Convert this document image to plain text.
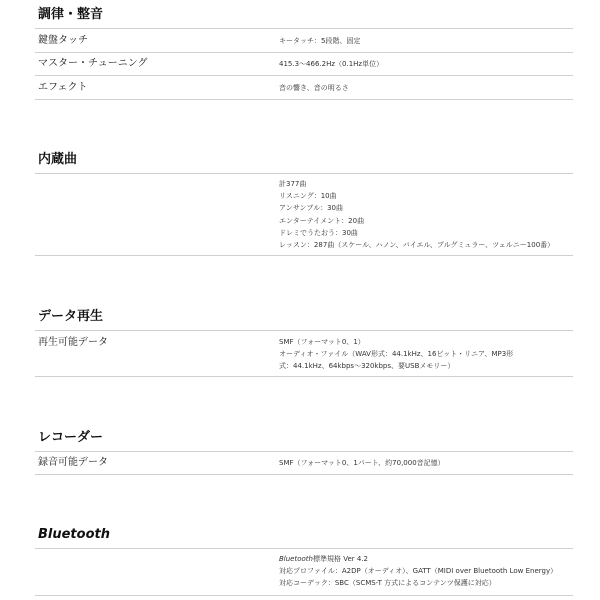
調律・整音
鍵盤タッチ	キータッチ：5段階、固定
マスター・チューニング	415.3～466.2Hz（0.1Hz単位）
エフェクト	音の響き、音の明るさ
内蔵曲
計377曲
リスニング：10曲
アンサンブル：30曲
エンターテイメント：20曲
ドレミでうたおう：30曲
レッスン：287曲（スケール、ハノン、バイエル、ブルグミュラー、ツェルニー100番）
データ再生
再生可能データ	SMF（フォーマット0、1）
オーディオ・ファイル（WAV形式：44.1kHz、16ビット・リニア、MP3形
式：44.1kHz、64kbps～320kbps、要USBメモリー）
レコーダー
録音可能データ	SMF（フォーマット0、1パート、約70,000音記憶）
Bluetooth
Bluetooth標準規格 Ver 4.2
対応プロファイル：A2DP（オーディオ）、GATT（MIDI over Bluetooth Low Energy）
対応コーデック：SBC（SCMS-T 方式によるコンテンツ保護に対応）
